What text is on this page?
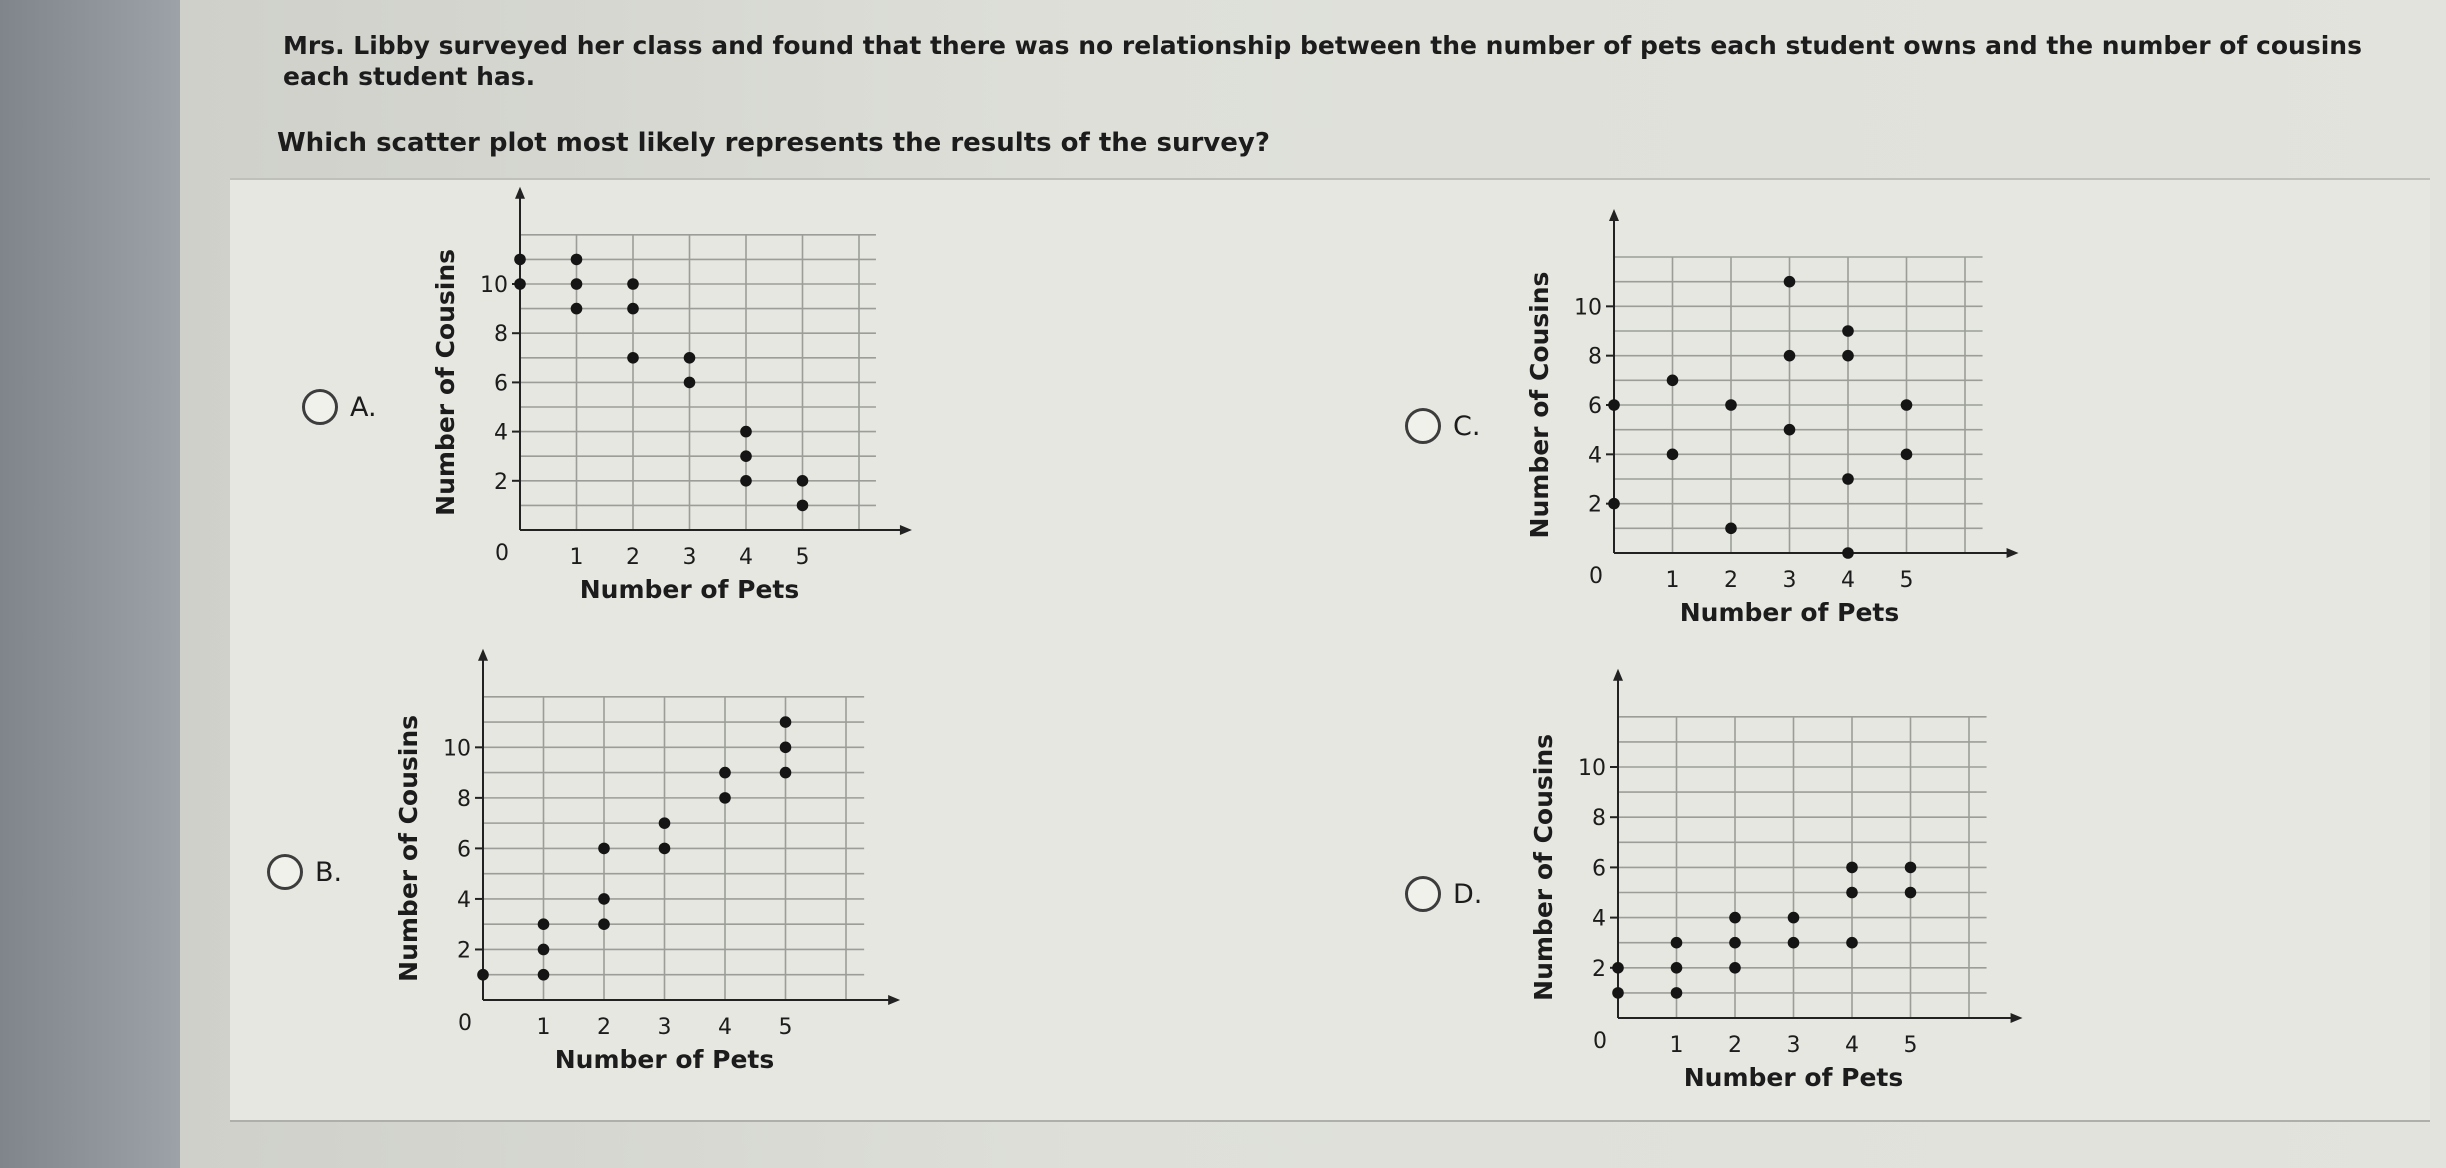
Mrs. Libby surveyed her class and found that there was no relationship between the number of pets each student owns and the number of cousins each student has.
Which scatter plot most likely represents the results of the survey?
A.
C.
B.
D.
1 2 3 4 5
0
2
4
6
8
10
Number of Pets
Number of Cousins
1 2 3 4 5
0
2
4
6
8
10
Number of Pets
Number of Cousins
1 2 3 4 5
0
2
4
6
8
10
Number of Pets
Number of Cousins
1 2 3 4 5
0
2
4
6
8
10
Number of Pets
Number of Cousins
